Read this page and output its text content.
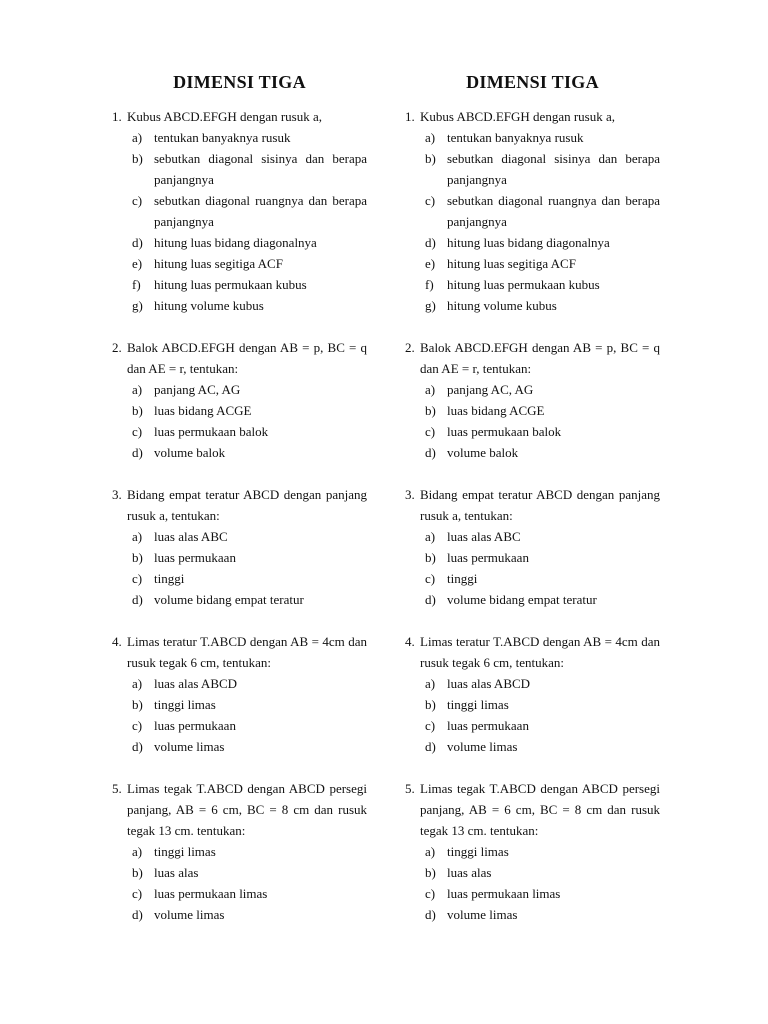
DIMENSI TIGA
1. Kubus ABCD.EFGH dengan rusuk a,
a) tentukan banyaknya rusuk
b) sebutkan diagonal sisinya dan berapa panjangnya
c) sebutkan diagonal ruangnya dan berapa panjangnya
d) hitung luas bidang diagonalnya
e) hitung luas segitiga ACF
f)	hitung luas permukaan kubus
g) hitung volume kubus
2. Balok ABCD.EFGH dengan AB = p, BC = q dan AE = r, tentukan:
a) panjang AC, AG
b) luas bidang ACGE
c) luas permukaan balok
d) volume balok
3. Bidang empat teratur ABCD dengan panjang rusuk a, tentukan:
a) luas alas ABC
b) luas permukaan
c) tinggi
d) volume bidang empat teratur
4. Limas teratur T.ABCD dengan AB = 4cm dan rusuk tegak 6 cm, tentukan:
a) luas alas ABCD
b) tinggi limas
c) luas permukaan
d) volume limas
5. Limas tegak T.ABCD dengan ABCD persegi panjang, AB = 6 cm, BC = 8 cm dan rusuk tegak 13 cm. tentukan:
a) tinggi limas
b) luas alas
c) luas permukaan limas
d) volume limas
DIMENSI TIGA
1. Kubus ABCD.EFGH dengan rusuk a,
a) tentukan banyaknya rusuk
b) sebutkan diagonal sisinya dan berapa panjangnya
c) sebutkan diagonal ruangnya dan berapa panjangnya
d) hitung luas bidang diagonalnya
e) hitung luas segitiga ACF
f)	hitung luas permukaan kubus
g) hitung volume kubus
2. Balok ABCD.EFGH dengan AB = p, BC = q dan AE = r, tentukan:
a) panjang AC, AG
b) luas bidang ACGE
c) luas permukaan balok
d) volume balok
3. Bidang empat teratur ABCD dengan panjang rusuk a, tentukan:
a) luas alas ABC
b) luas permukaan
c) tinggi
d) volume bidang empat teratur
4. Limas teratur T.ABCD dengan AB = 4cm dan rusuk tegak 6 cm, tentukan:
a) luas alas ABCD
b) tinggi limas
c) luas permukaan
d) volume limas
5. Limas tegak T.ABCD dengan ABCD persegi panjang, AB = 6 cm, BC = 8 cm dan rusuk tegak 13 cm. tentukan:
a) tinggi limas
b) luas alas
c) luas permukaan limas
d) volume limas
